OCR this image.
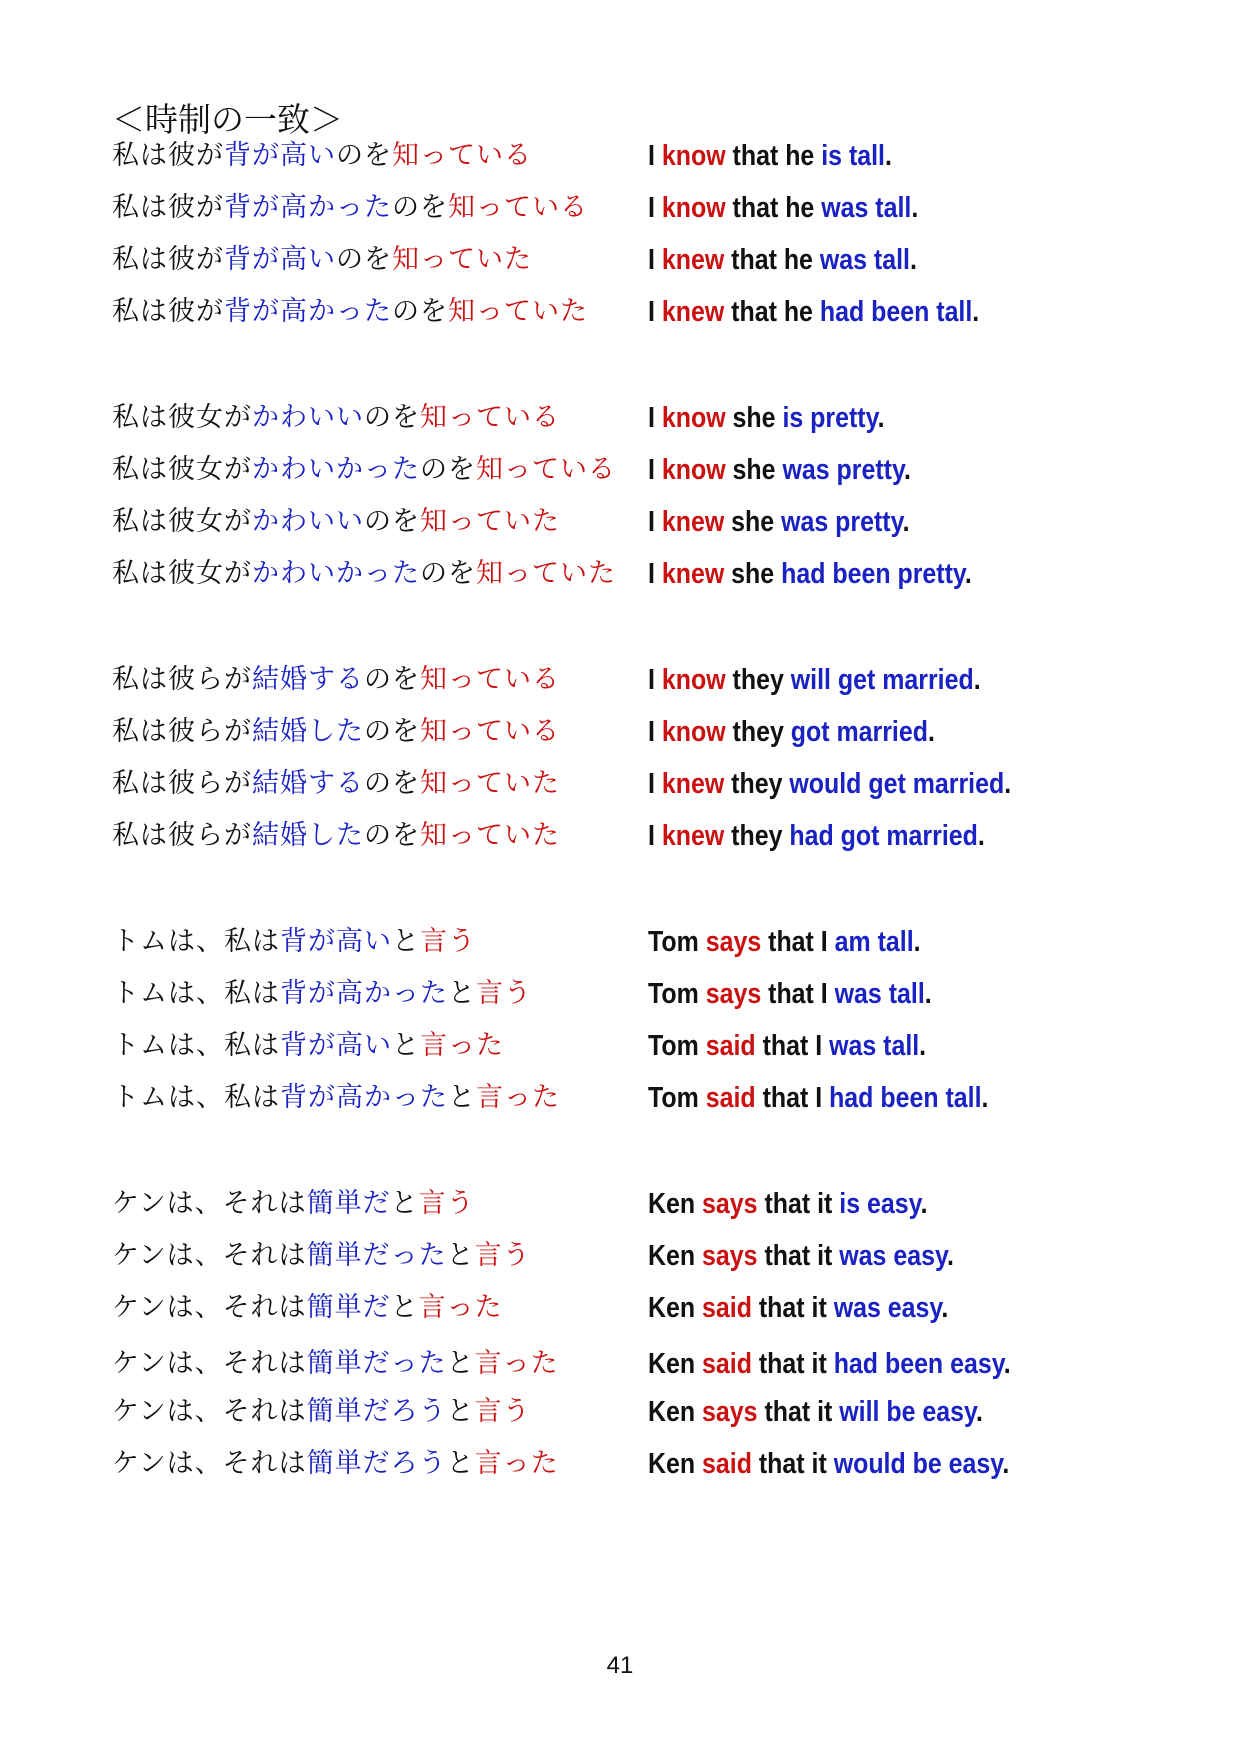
＜時制の一致＞
私は彼が背が高いのを知っている	I know that he is tall.
私は彼が背が高かったのを知っている I know that he was tall.
私は彼が背が高いのを知っていた	I knew that he was tall.
私は彼が背が高かったのを知っていた I knew that he had been tall.
私は彼女がかわいいのを知っている	I know she is pretty.
私は彼女がかわいかったのを知っている I know she was pretty.
私は彼女がかわいいのを知っていた	I knew she was pretty.
私は彼女がかわいかったのを知っていた I knew she had been pretty.
私は彼らが結婚するのを知っている	I know they will get married.
私は彼らが結婚したのを知っている	I know they got married.
私は彼らが結婚するのを知っていた	I knew they would get married.
私は彼らが結婚したのを知っていた	I knew they had got married.
トムは、私は背が高いと言う	Tom says that I am tall.
トムは、私は背が高かったと言う	Tom says that I was tall.
トムは、私は背が高いと言った	Tom said that I was tall.
トムは、私は背が高かったと言った	Tom said that I had been tall.
ケンは、それは簡単だと言う	Ken says that it is easy.
ケンは、それは簡単だったと言う	Ken says that it was easy.
ケンは、それは簡単だと言った	Ken said that it was easy.
ケンは、それは簡単だったと言った	Ken said that it had been easy.
ケンは、それは簡単だろうと言う	Ken says that it will be easy.
ケンは、それは簡単だろうと言った	Ken said that it would be easy.
41
